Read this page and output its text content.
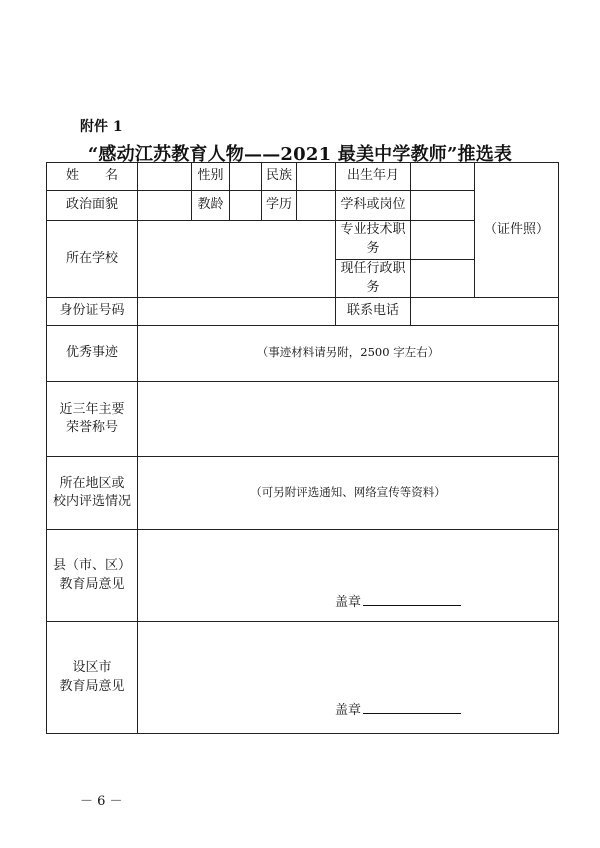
附件 1
“感动江苏教育人物——2021 最美中学教师”推选表
姓　　名		性别		民族		出生年月		（证件照）
政治面貌		教龄		学历		学科或岗位		
所在学校						专业技术职务		
						现任行政职务		
身份证号码						联系电话		
优秀事迹	（事迹材料请另附，2500 字左右）							

近三年主要
荣誉称号								

所在地区或
校内评选情况	（可另附评选通知、网络宣传等资料）							

县（市、区）
教育局意见	盖章							

设区市
教育局意见	盖章							
－ 6 －
